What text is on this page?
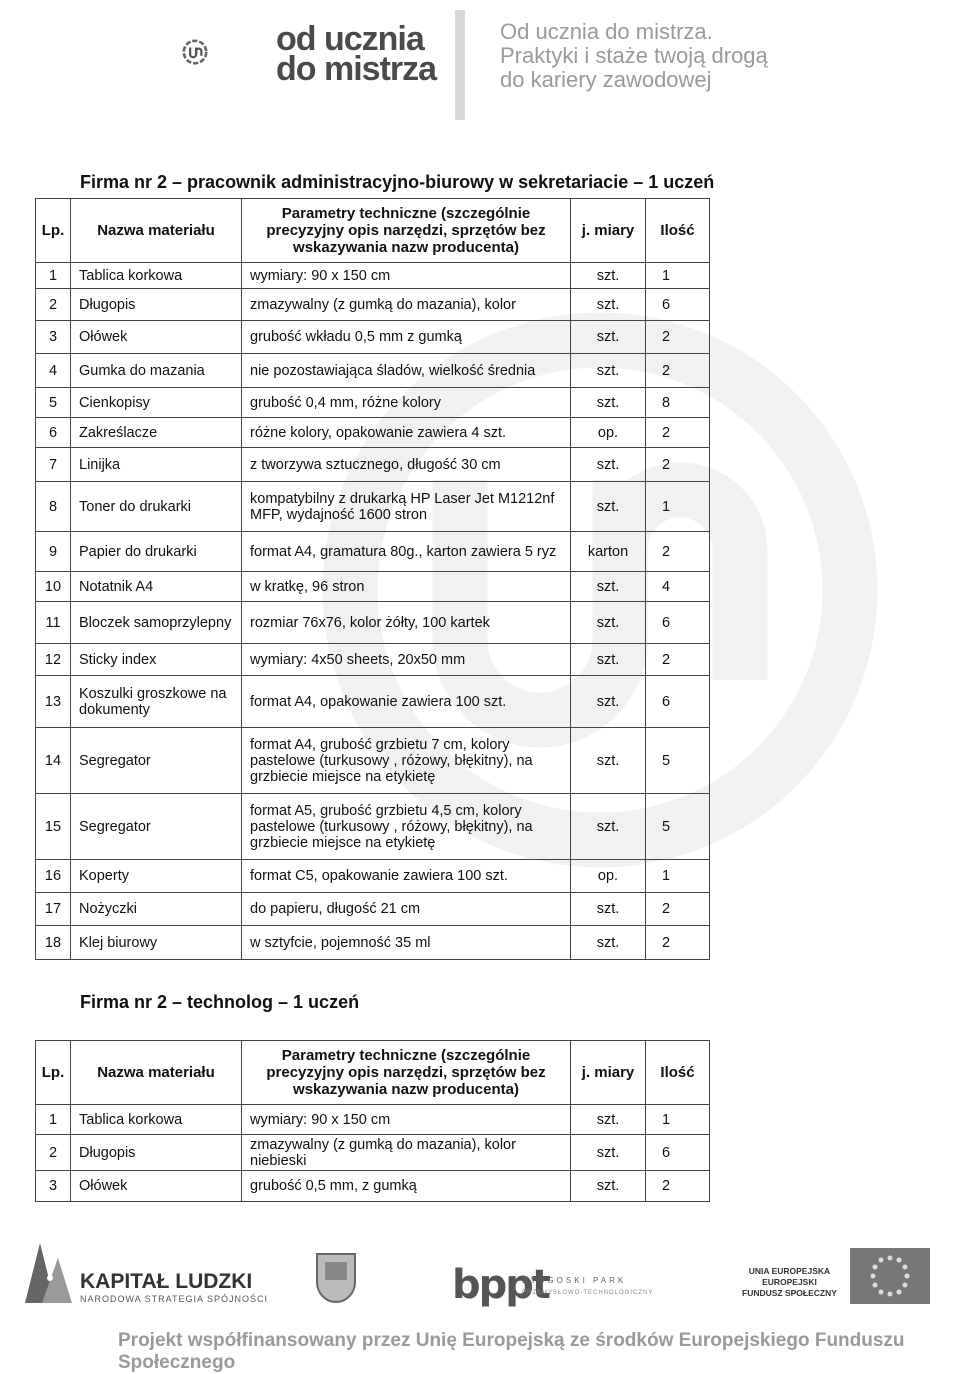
od ucznia
do mistrza
Od ucznia do mistrza.
Praktyki i staże twoją drogą
do kariery zawodowej
Firma nr 2 – pracownik administracyjno-biurowy w sekretariacie – 1 uczeń
Lp.	Nazwa materiału	Parametry techniczne (szczególnie precyzyjny opis narzędzi, sprzętów bez wskazywania nazw producenta)	j. miary	Ilość
1	Tablica korkowa	wymiary: 90 x 150 cm	szt.	1
2	Długopis	zmazywalny (z gumką do mazania), kolor	szt.	6
3	Ołówek	grubość wkładu 0,5 mm z gumką	szt.	2
4	Gumka do mazania	nie pozostawiająca śladów, wielkość średnia	szt.	2
5	Cienkopisy	grubość 0,4 mm, różne kolory	szt.	8
6	Zakreślacze	różne kolory, opakowanie zawiera 4 szt.	op.	2
7	Linijka	z tworzywa sztucznego, długość 30 cm	szt.	2
8	Toner do drukarki	kompatybilny z drukarką HP Laser Jet M1212nf MFP, wydajność 1600 stron	szt.	1
9	Papier do drukarki	format A4, gramatura 80g., karton zawiera 5 ryz	karton	2
10	Notatnik A4	w kratkę, 96 stron	szt.	4
11	Bloczek samoprzylepny	rozmiar 76x76, kolor żółty, 100 kartek	szt.	6
12	Sticky index	wymiary: 4x50 sheets, 20x50 mm	szt.	2
13	Koszulki groszkowe na dokumenty	format A4, opakowanie zawiera 100 szt.	szt.	6
14	Segregator	format A4, grubość grzbietu 7 cm, kolory pastelowe (turkusowy , różowy, błękitny), na grzbiecie miejsce na etykietę	szt.	5
15	Segregator	format A5, grubość grzbietu 4,5 cm, kolory pastelowe (turkusowy , różowy, błękitny), na grzbiecie miejsce na etykietę	szt.	5
16	Koperty	format C5, opakowanie zawiera 100 szt.	op.	1
17	Nożyczki	do papieru, długość 21 cm	szt.	2
18	Klej biurowy	w sztyfcie, pojemność 35 ml	szt.	2
Firma nr 2 – technolog – 1 uczeń
Lp.	Nazwa materiału	Parametry techniczne (szczególnie precyzyjny opis narzędzi, sprzętów bez wskazywania nazw producenta)	j. miary	Ilość
1	Tablica korkowa	wymiary: 90 x 150 cm	szt.	1
2	Długopis	zmazywalny (z gumką do mazania), kolor niebieski	szt.	6
3	Ołówek	grubość 0,5 mm, z gumką	szt.	2
KAPITAŁ LUDZKI
NARODOWA STRATEGIA SPÓJNOŚCI	bppt
BYDGOSKI PARK
PRZEMYSŁOWO-TECHNOLOGICZNY
UNIA EUROPEJSKA
EUROPEJSKI
FUNDUSZ SPOŁECZNY
Projekt współfinansowany przez Unię Europejską ze środków Europejskiego Funduszu Społecznego
